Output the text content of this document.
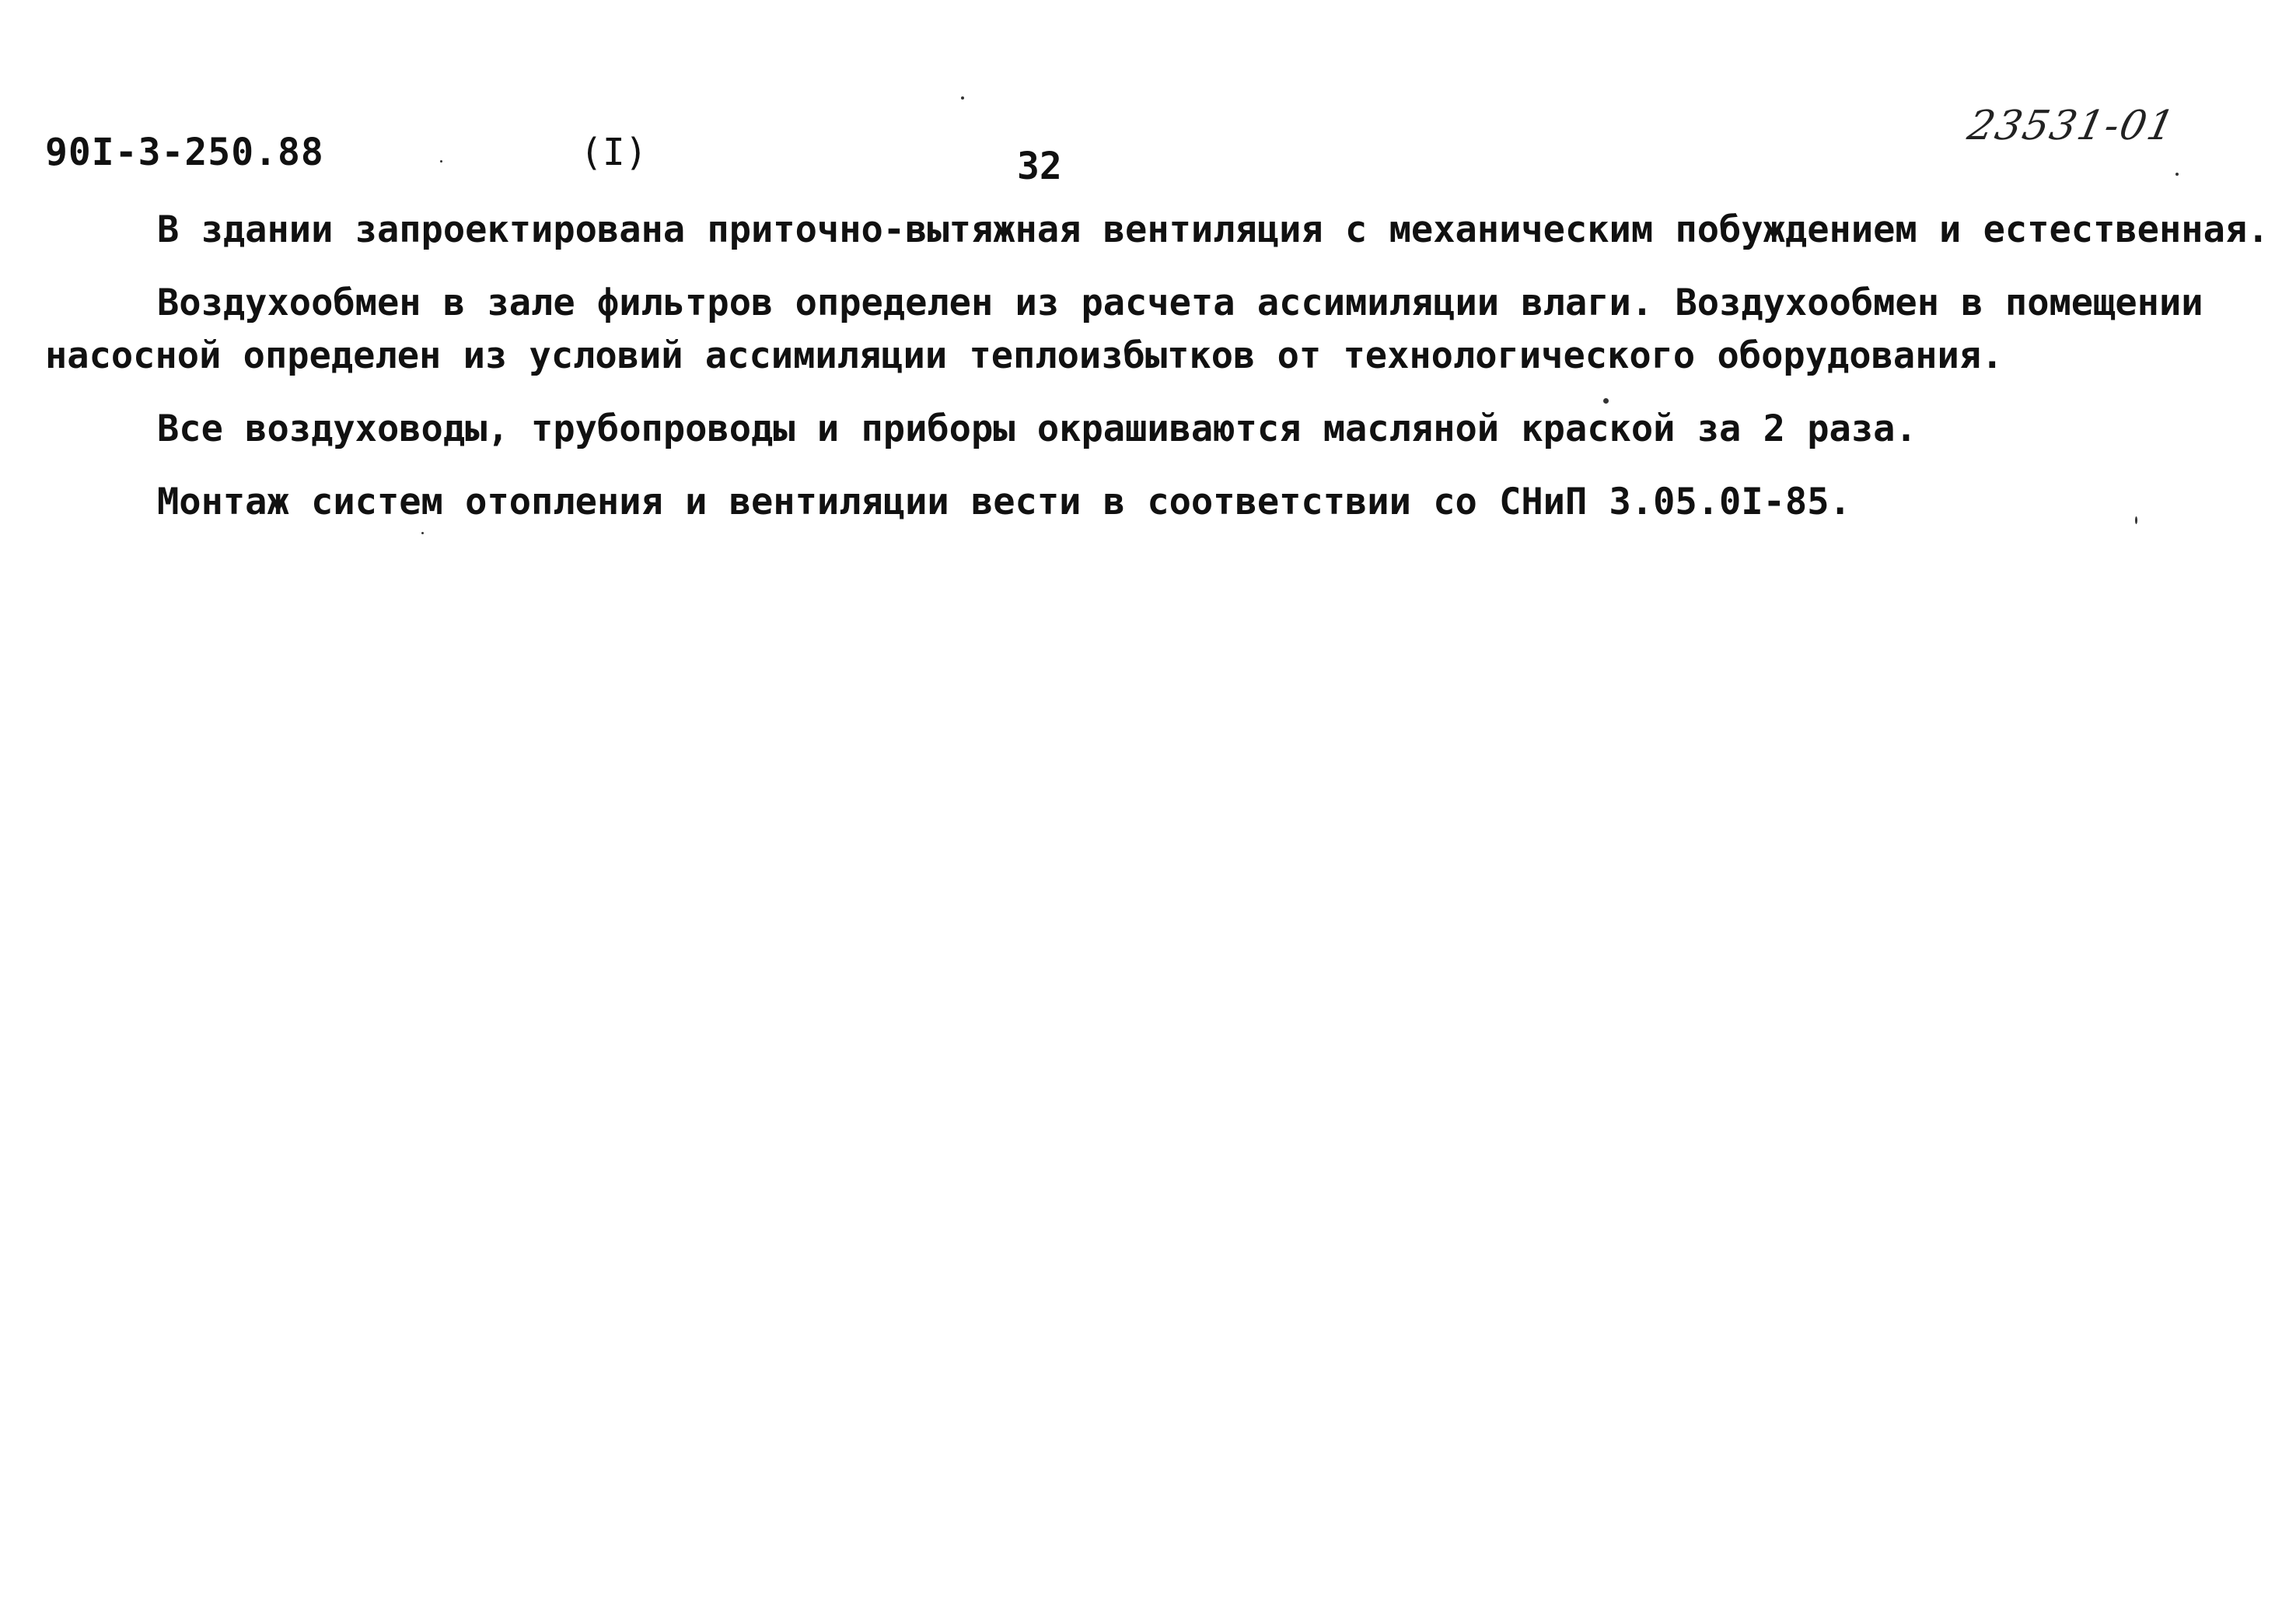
90I-3-250.88	(I)	32
23531-01

В здании запроектирована приточно-вытяжная вентиляция с механическим побуждением и естественная.

Воздухообмен в зале фильтров определен из расчета ассимиляции влаги. Воздухообмен в помещении насосной определен из условий ассимиляции теплоизбытков от технологического оборудования.

Все воздуховоды, трубопроводы и приборы окрашиваются масляной краской за 2 раза.

Монтаж систем отопления и вентиляции вести в соответствии со СНиП 3.05.0I-85.
